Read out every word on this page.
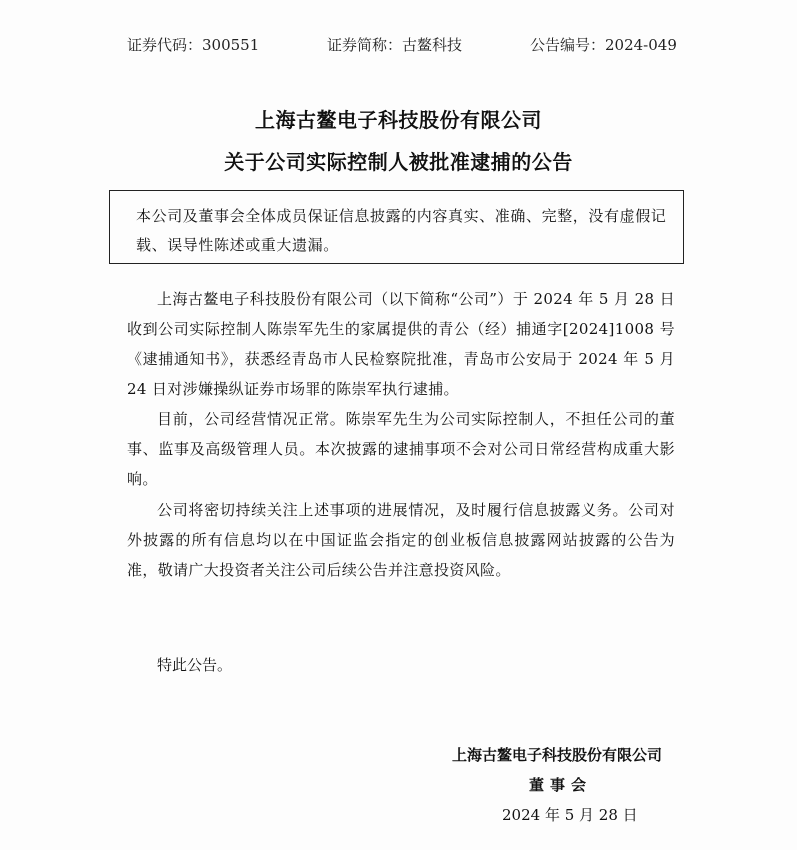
证券代码：300551	证券简称：古鳌科技	公告编号：2024-049
上海古鳌电子科技股份有限公司
关于公司实际控制人被批准逮捕的公告
本公司及董事会全体成员保证信息披露的内容真实、准确、完整，没有虚假记载、误导性陈述或重大遗漏。
上海古鳌电子科技股份有限公司（以下简称“公司”）于 2024 年 5 月 28 日收到公司实际控制人陈崇军先生的家属提供的青公（经）捕通字[2024]1008 号《逮捕通知书》，获悉经青岛市人民检察院批准，青岛市公安局于 2024 年 5 月 24 日对涉嫌操纵证券市场罪的陈崇军执行逮捕。
目前，公司经营情况正常。陈崇军先生为公司实际控制人，不担任公司的董事、监事及高级管理人员。本次披露的逮捕事项不会对公司日常经营构成重大影响。
公司将密切持续关注上述事项的进展情况，及时履行信息披露义务。公司对外披露的所有信息均以在中国证监会指定的创业板信息披露网站披露的公告为准，敬请广大投资者关注公司后续公告并注意投资风险。
特此公告。
上海古鳌电子科技股份有限公司
董事会
2024 年 5 月 28 日
